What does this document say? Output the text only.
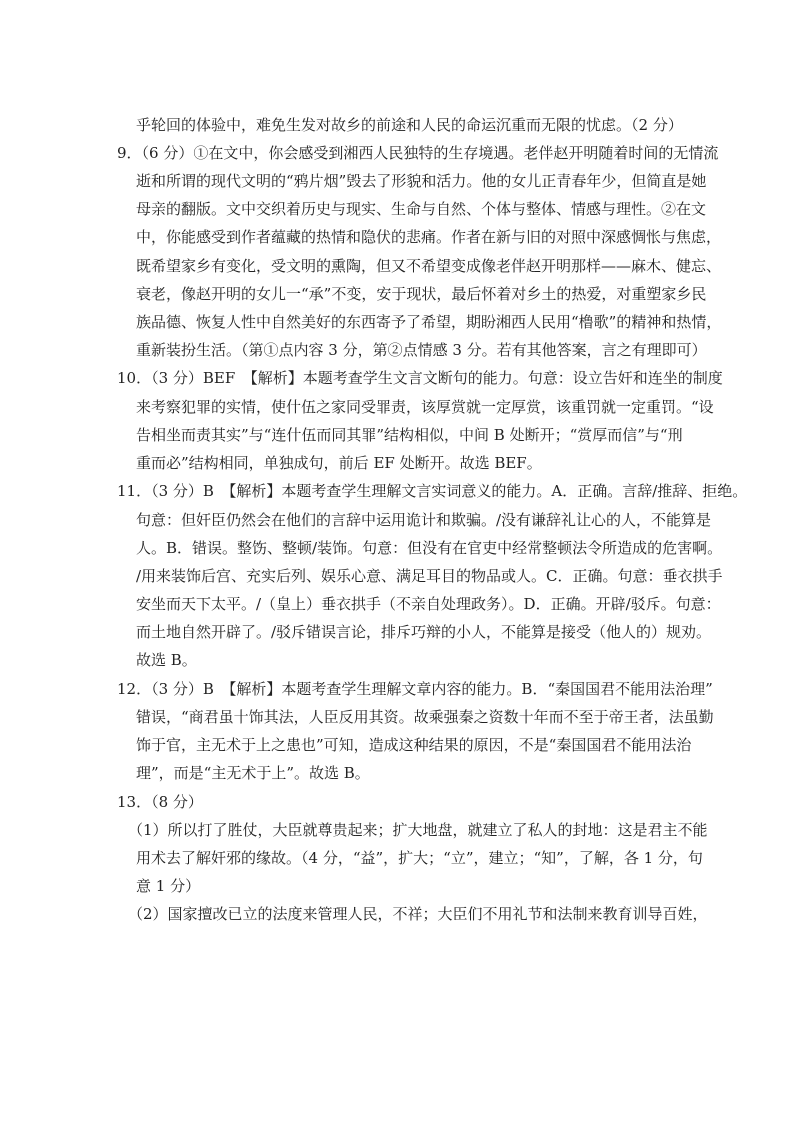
乎轮回的体验中，难免生发对故乡的前途和人民的命运沉重而无限的忧虑。（2 分）
9．（6 分）①在文中，你会感受到湘西人民独特的生存境遇。老伴赵开明随着时间的无情流
逝和所谓的现代文明的“鸦片烟”毁去了形貌和活力。他的女儿正青春年少，但简直是她
母亲的翻版。文中交织着历史与现实、生命与自然、个体与整体、情感与理性。②在文
中，你能感受到作者蕴藏的热情和隐伏的悲痛。作者在新与旧的对照中深感惆怅与焦虑，
既希望家乡有变化，受文明的熏陶，但又不希望变成像老伴赵开明那样——麻木、健忘、
衰老，像赵开明的女儿一“承”不变，安于现状，最后怀着对乡土的热爱，对重塑家乡民
族品德、恢复人性中自然美好的东西寄予了希望，期盼湘西人民用“橹歌”的精神和热情，
重新装扮生活。（第①点内容 3 分，第②点情感 3 分。若有其他答案，言之有理即可）
10．（3 分）BEF　【解析】本题考查学生文言文断句的能力。句意：设立告奸和连坐的制度
来考察犯罪的实情，使什伍之家同受罪责，该厚赏就一定厚赏，该重罚就一定重罚。“设
告相坐而责其实”与“连什伍而同其罪”结构相似，中间 B 处断开；“赏厚而信”与“刑
重而必”结构相同，单独成句，前后 EF 处断开。故选 BEF。
11．（3 分）B　【解析】本题考查学生理解文言实词意义的能力。A．正确。言辞/推辞、拒绝。
句意：但奸臣仍然会在他们的言辞中运用诡计和欺骗。/没有谦辞礼让心的人，不能算是
人。B．错误。整饬、整顿/装饰。句意：但没有在官吏中经常整顿法令所造成的危害啊。
/用来装饰后宫、充实后列、娱乐心意、满足耳目的物品或人。C．正确。句意：垂衣拱手
安坐而天下太平。/（皇上）垂衣拱手（不亲自处理政务）。D．正确。开辟/驳斥。句意：
而土地自然开辟了。/驳斥错误言论，排斥巧辩的小人，不能算是接受（他人的）规劝。
故选 B。
12．（3 分）B　【解析】本题考查学生理解文章内容的能力。B．“秦国国君不能用法治理”
错误，“商君虽十饰其法，人臣反用其资。故乘强秦之资数十年而不至于帝王者，法虽勤
饰于官，主无术于上之患也”可知，造成这种结果的原因，不是“秦国国君不能用法治
理”，而是“主无术于上”。故选 B。
13．（8 分）
（1）所以打了胜仗，大臣就尊贵起来；扩大地盘，就建立了私人的封地：这是君主不能
用术去了解奸邪的缘故。（4 分，“益”，扩大；“立”，建立；“知”，了解，各 1 分，句
意 1 分）
（2）国家擅改已立的法度来管理人民，不祥；大臣们不用礼节和法制来教育训导百姓，
